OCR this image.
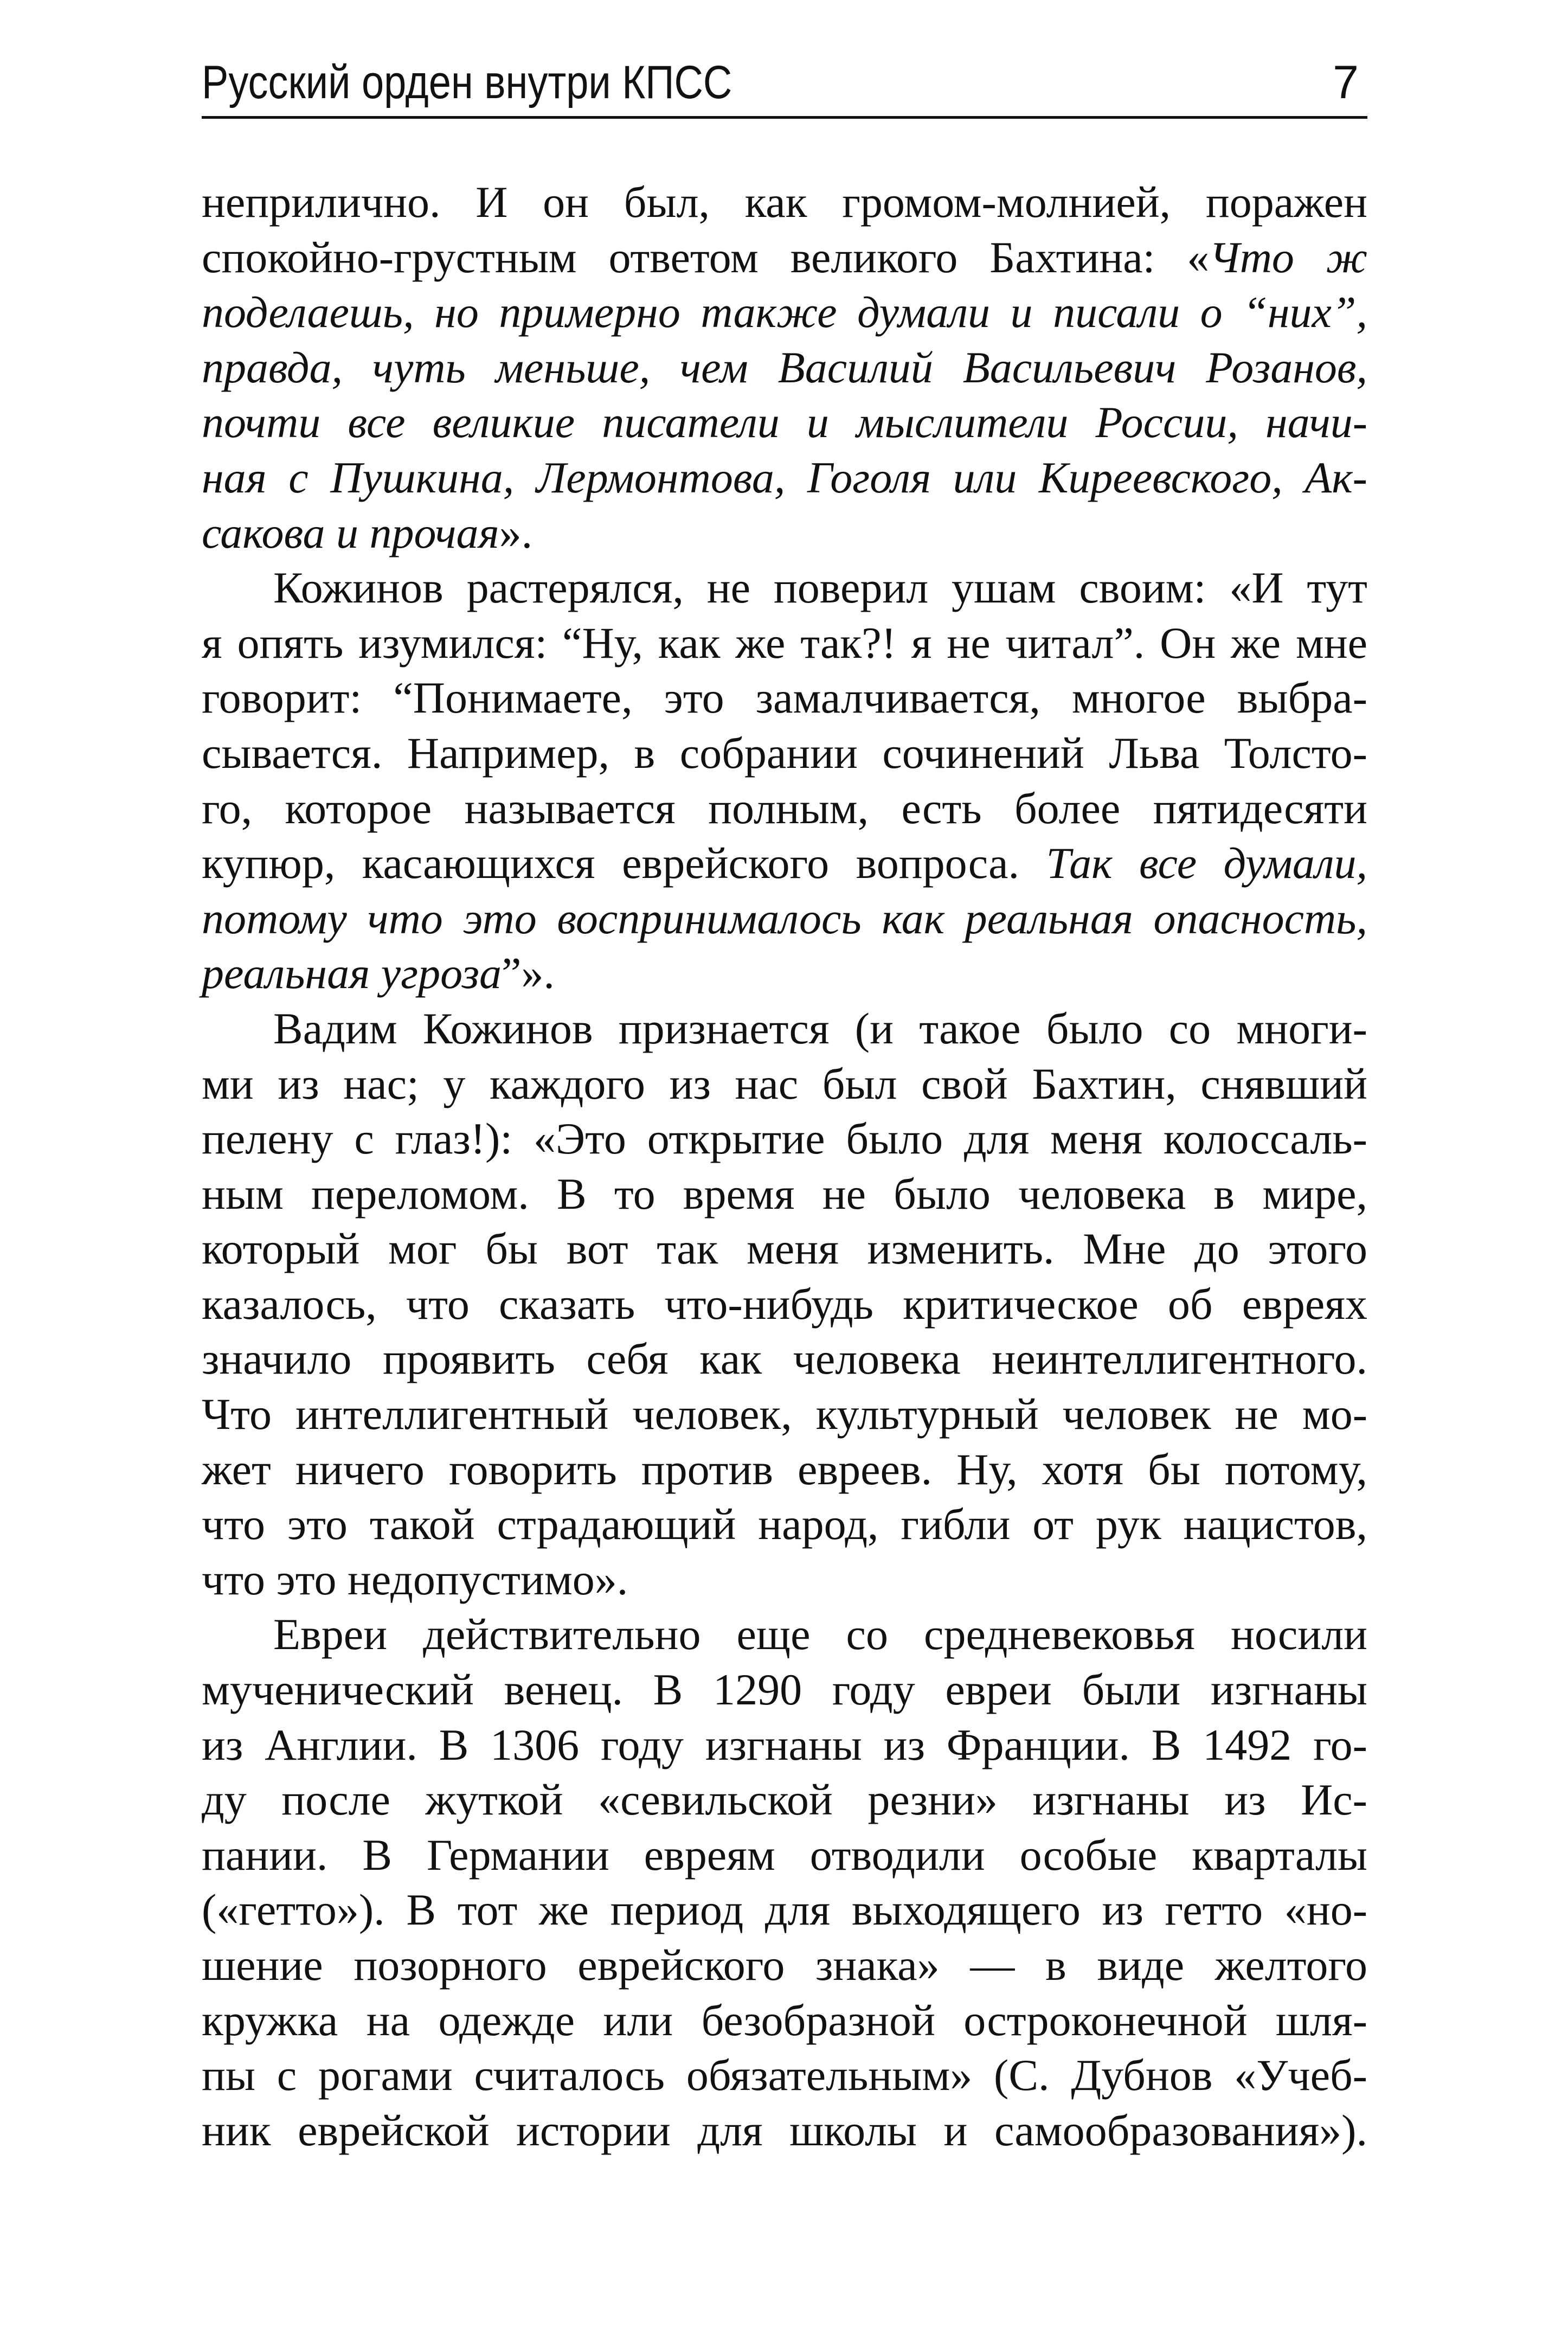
Русский орден внутри КПСС	7
неприлично. И он был, как громом-молнией, поражен
спокойно-грустным ответом великого Бахтина: «Что ж
поделаешь, но примерно также думали и писали о “них”,
правда, чуть меньше, чем Василий Васильевич Розанов,
почти все великие писатели и мыслители России, начи-
ная с Пушкина, Лермонтова, Гоголя или Киреевского, Ак-
сакова и прочая».
Кожинов растерялся, не поверил ушам своим: «И тут
я опять изумился: “Ну, как же так?! я не читал”. Он же мне
говорит: “Понимаете, это замалчивается, многое выбра-
сывается. Например, в собрании сочинений Льва Толсто-
го, которое называется полным, есть более пятидесяти
купюр, касающихся еврейского вопроса. Так все думали,
потому что это воспринималось как реальная опасность,
реальная угроза”».
Вадим Кожинов признается (и такое было со многи-
ми из нас; у каждого из нас был свой Бахтин, снявший
пелену с глаз!): «Это открытие было для меня колоссаль-
ным переломом. В то время не было человека в мире,
который мог бы вот так меня изменить. Мне до этого
казалось, что сказать что-нибудь критическое об евреях
значило проявить себя как человека неинтеллигентного.
Что интеллигентный человек, культурный человек не мо-
жет ничего говорить против евреев. Ну, хотя бы потому,
что это такой страдающий народ, гибли от рук нацистов,
что это недопустимо».
Евреи действительно еще со средневековья носили
мученический венец. В 1290 году евреи были изгнаны
из Англии. В 1306 году изгнаны из Франции. В 1492 го-
ду после жуткой «севильской резни» изгнаны из Ис-
пании. В Германии евреям отводили особые кварталы
(«гетто»). В тот же период для выходящего из гетто «но-
шение позорного еврейского знака» — в виде желтого
кружка на одежде или безобразной остроконечной шля-
пы с рогами считалось обязательным» (С. Дубнов «Учеб-
ник еврейской истории для школы и самообразования»).
